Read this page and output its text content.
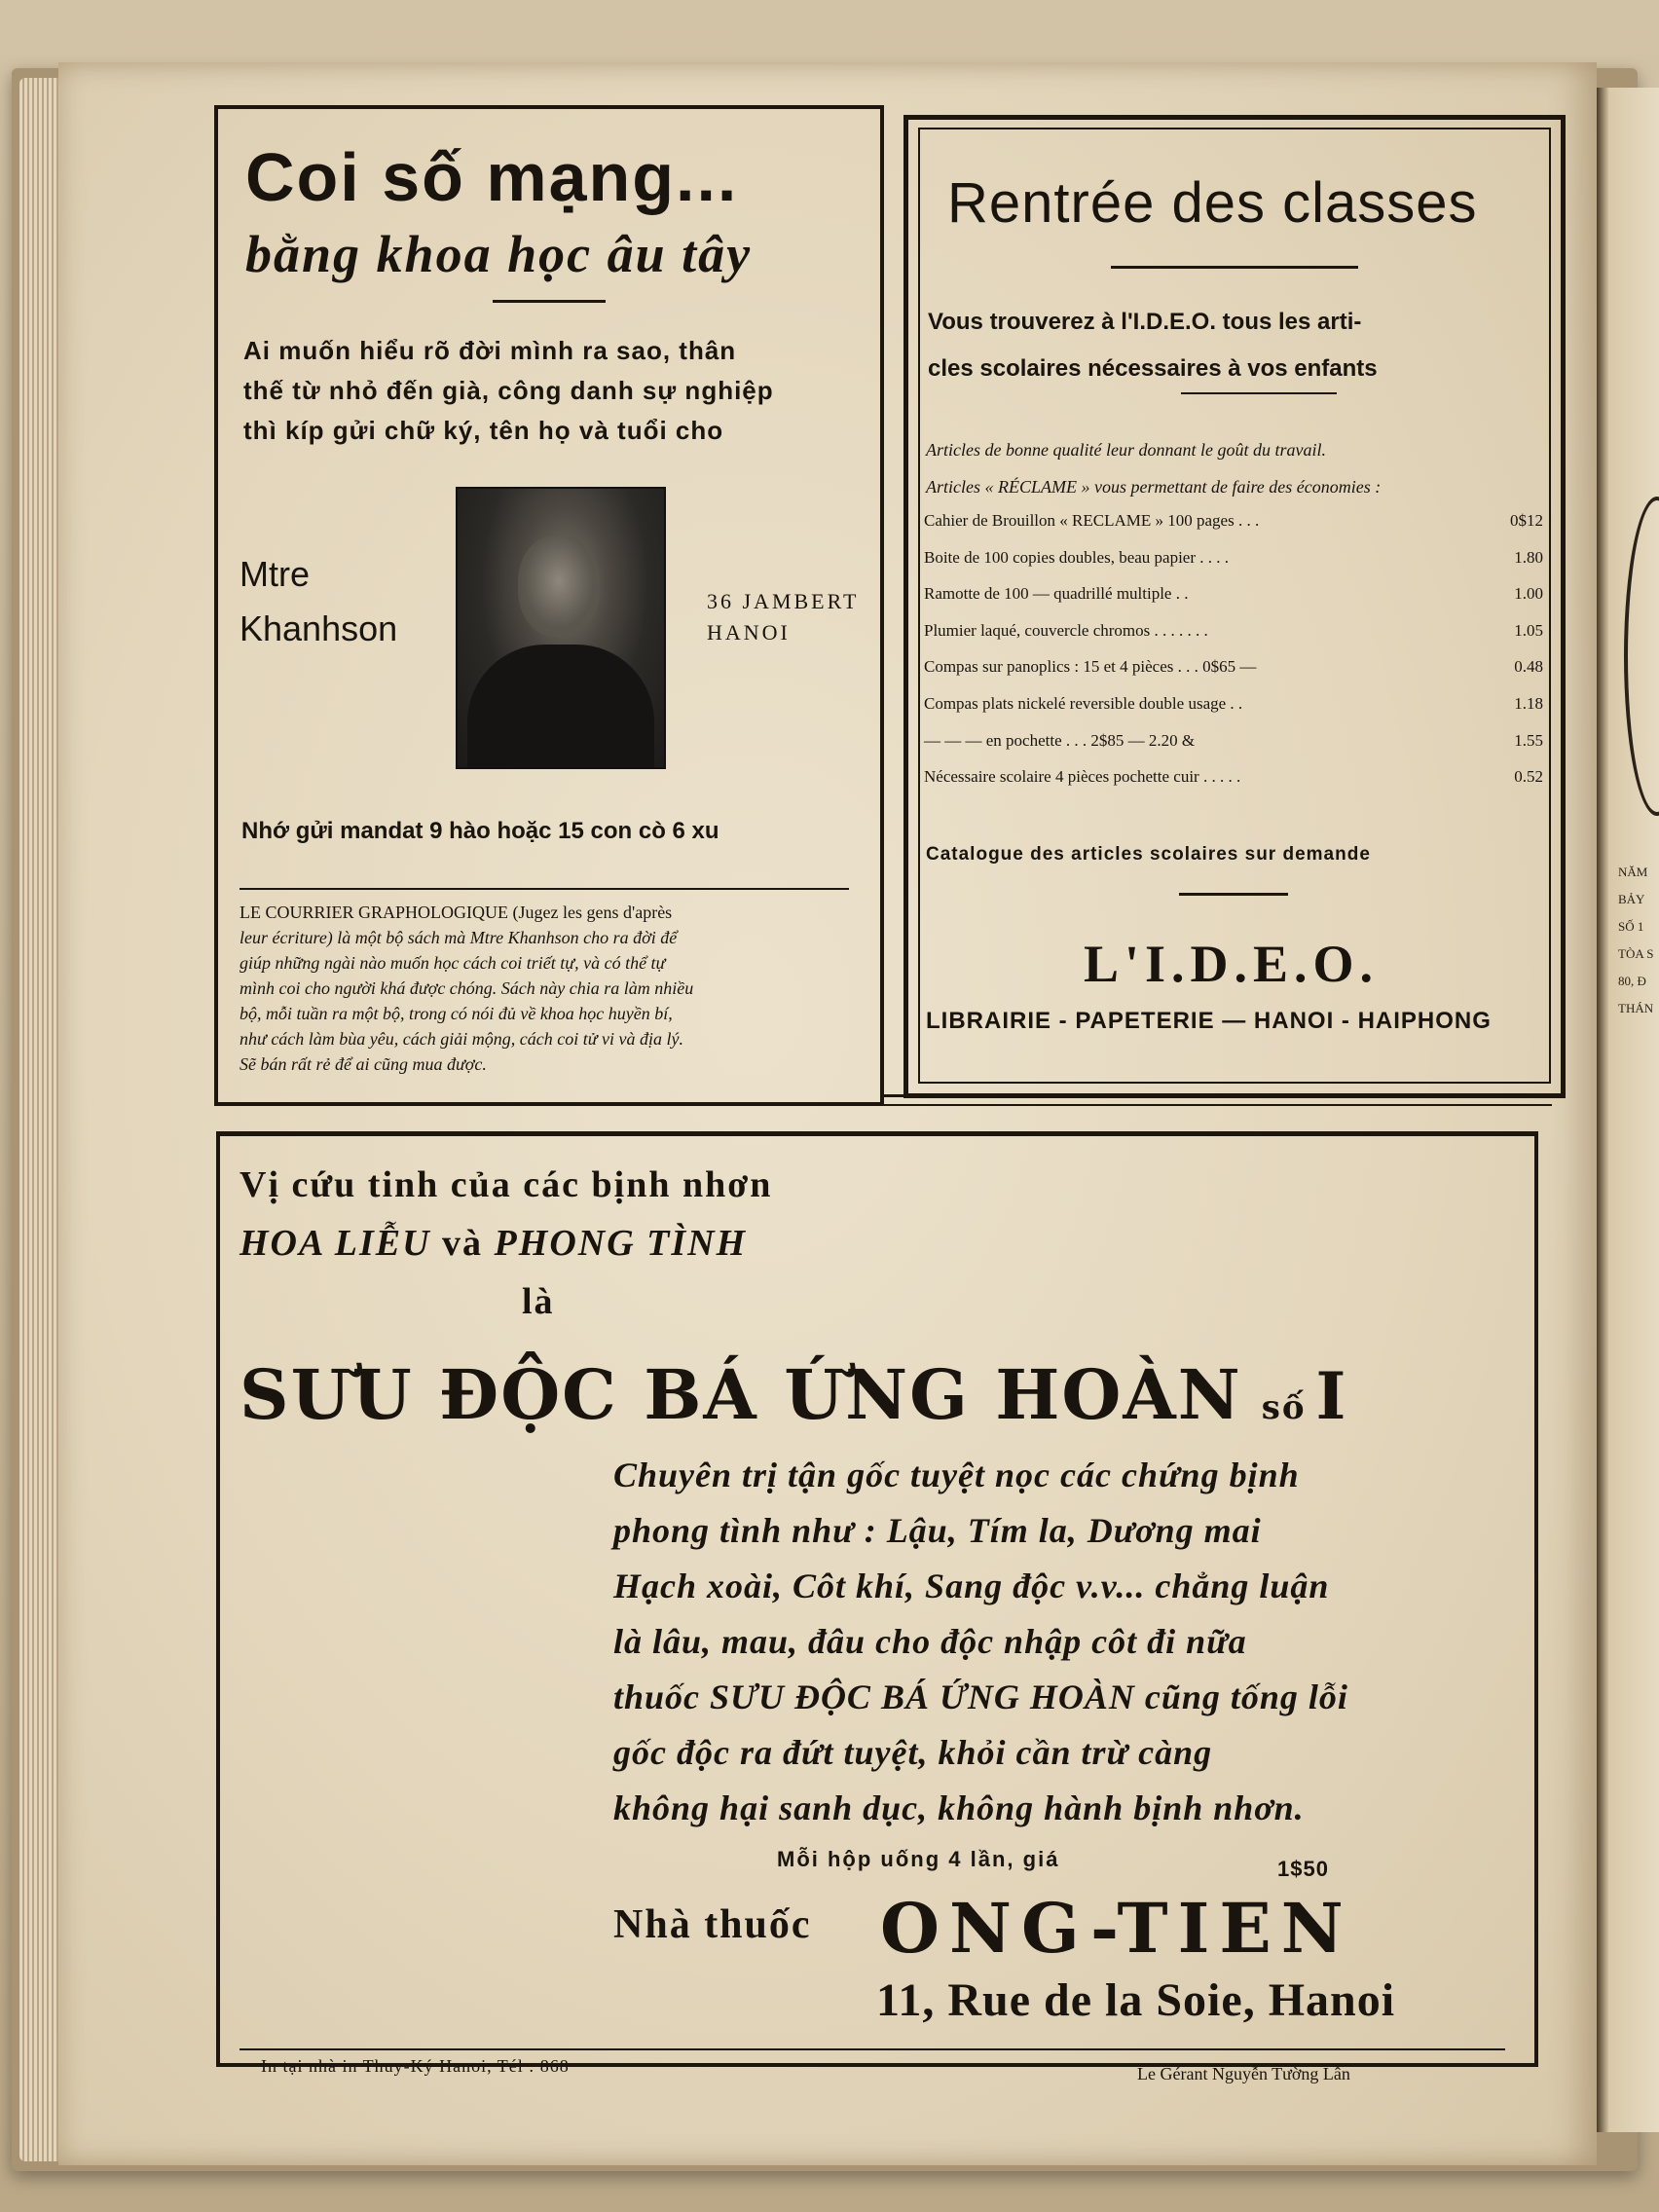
NĂM
BẢY
SỐ 1
TÒA S
80, Đ
THÁN
Coi số mạng...
bằng khoa học âu tây
Ai muốn hiểu rõ đời mình ra sao, thân
thế từ nhỏ đến già, công danh sự nghiệp
thì kíp gửi chữ ký, tên họ và tuổi cho
Mtre
Khanhson
36 JAMBERT
HANOI
Nhớ gửi mandat 9 hào hoặc 15 con cò 6 xu
LE COURRIER GRAPHOLOGIQUE (Jugez les gens d'après
leur écriture) là một bộ sách mà Mtre Khanhson cho ra đời để
giúp những ngài nào muốn học cách coi triết tự, và có thể tự
mình coi cho người khá được chóng. Sách này chia ra làm nhiều
bộ, mỗi tuần ra một bộ, trong có nói đủ về khoa học huyền bí,
như cách làm bùa yêu, cách giải mộng, cách coi tử vi và địa lý.
Sẽ bán rất rẻ để ai cũng mua được.
Rentrée des classes
Vous trouverez à l'I.D.E.O. tous les arti-
cles scolaires nécessaires à vos enfants
Articles de bonne qualité leur donnant le goût du travail.
Articles « RÉCLAME » vous permettant de faire des économies :
Cahier de Brouillon « RECLAME » 100 pages . . .	0$12
Boite de 100 copies doubles, beau papier . . . .	1.80
Ramotte de 100 — quadrillé multiple . .	1.00
Plumier laqué, couvercle chromos . . . . . . .	1.05
Compas sur panoplics : 15 et 4 pièces . . . 0$65 —	0.48
Compas plats nickelé reversible double usage . .	1.18
— — — en pochette . . . 2$85 — 2.20 &	1.55
Nécessaire scolaire 4 pièces pochette cuir . . . . .	0.52
Catalogue des articles scolaires sur demande
L'I.D.E.O.
LIBRAIRIE - PAPETERIE — HANOI - HAIPHONG
Vị cứu tinh của các bịnh nhơn
HOA LIỄU và PHONG TÌNH
là
SƯU ĐỘC BÁ ỨNG HOÀN số I
Chuyên trị tận gốc tuyệt nọc các chứng bịnh
phong tình như : Lậu, Tím la, Dương mai
Hạch xoài, Côt khí, Sang độc v.v... chẳng luận
là lâu, mau, đâu cho độc nhập côt đi nữa
thuốc SƯU ĐỘC BÁ ỨNG HOÀN cũng tống lỗi
gốc độc ra đứt tuyệt, khỏi cần trừ càng
không hại sanh dục, không hành bịnh nhơn.
Mỗi hộp uống 4 lần, giá	1$50
Nhà thuốc ONG-TIEN
11, Rue de la Soie, Hanoi
In tại nhà in Thuy-Ký Hanoi, Tél : 868	Le Gérant Nguyễn Tường Lân
